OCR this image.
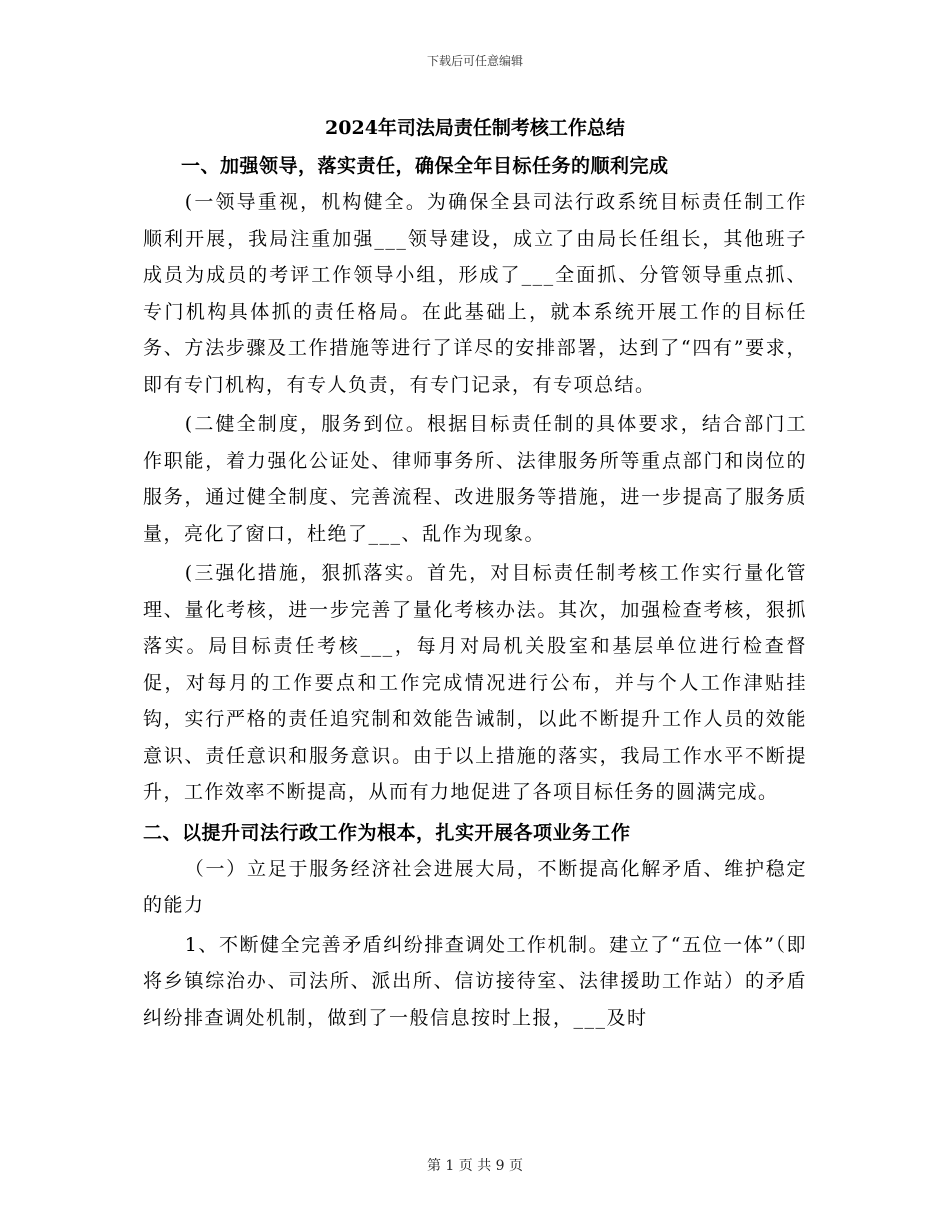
下载后可任意编辑
2024年司法局责任制考核工作总结

一、加强领导，落实责任，确保全年目标任务的顺利完成

(一领导重视，机构健全。为确保全县司法行政系统目标责任制工作顺利开展，我局注重加强___领导建设，成立了由局长任组长，其他班子成员为成员的考评工作领导小组，形成了___全面抓、分管领导重点抓、专门机构具体抓的责任格局。在此基础上，就本系统开展工作的目标任务、方法步骤及工作措施等进行了详尽的安排部署，达到了“四有”要求，即有专门机构，有专人负责，有专门记录，有专项总结。

(二健全制度，服务到位。根据目标责任制的具体要求，结合部门工作职能，着力强化公证处、律师事务所、法律服务所等重点部门和岗位的服务，通过健全制度、完善流程、改进服务等措施，进一步提高了服务质量，亮化了窗口，杜绝了___、乱作为现象。

(三强化措施，狠抓落实。首先，对目标责任制考核工作实行量化管理、量化考核，进一步完善了量化考核办法。其次，加强检查考核，狠抓落实。局目标责任考核___，每月对局机关股室和基层单位进行检查督促，对每月的工作要点和工作完成情况进行公布，并与个人工作津贴挂钩，实行严格的责任追究制和效能告诫制，以此不断提升工作人员的效能意识、责任意识和服务意识。由于以上措施的落实，我局工作水平不断提升，工作效率不断提高，从而有力地促进了各项目标任务的圆满完成。

二、以提升司法行政工作为根本，扎实开展各项业务工作

（一）立足于服务经济社会进展大局，不断提高化解矛盾、维护稳定的能力

1、不断健全完善矛盾纠纷排查调处工作机制。建立了“五位一体”（即将乡镇综治办、司法所、派出所、信访接待室、法律援助工作站）的矛盾纠纷排查调处机制，做到了一般信息按时上报，___及时

第 1 页 共 9 页
